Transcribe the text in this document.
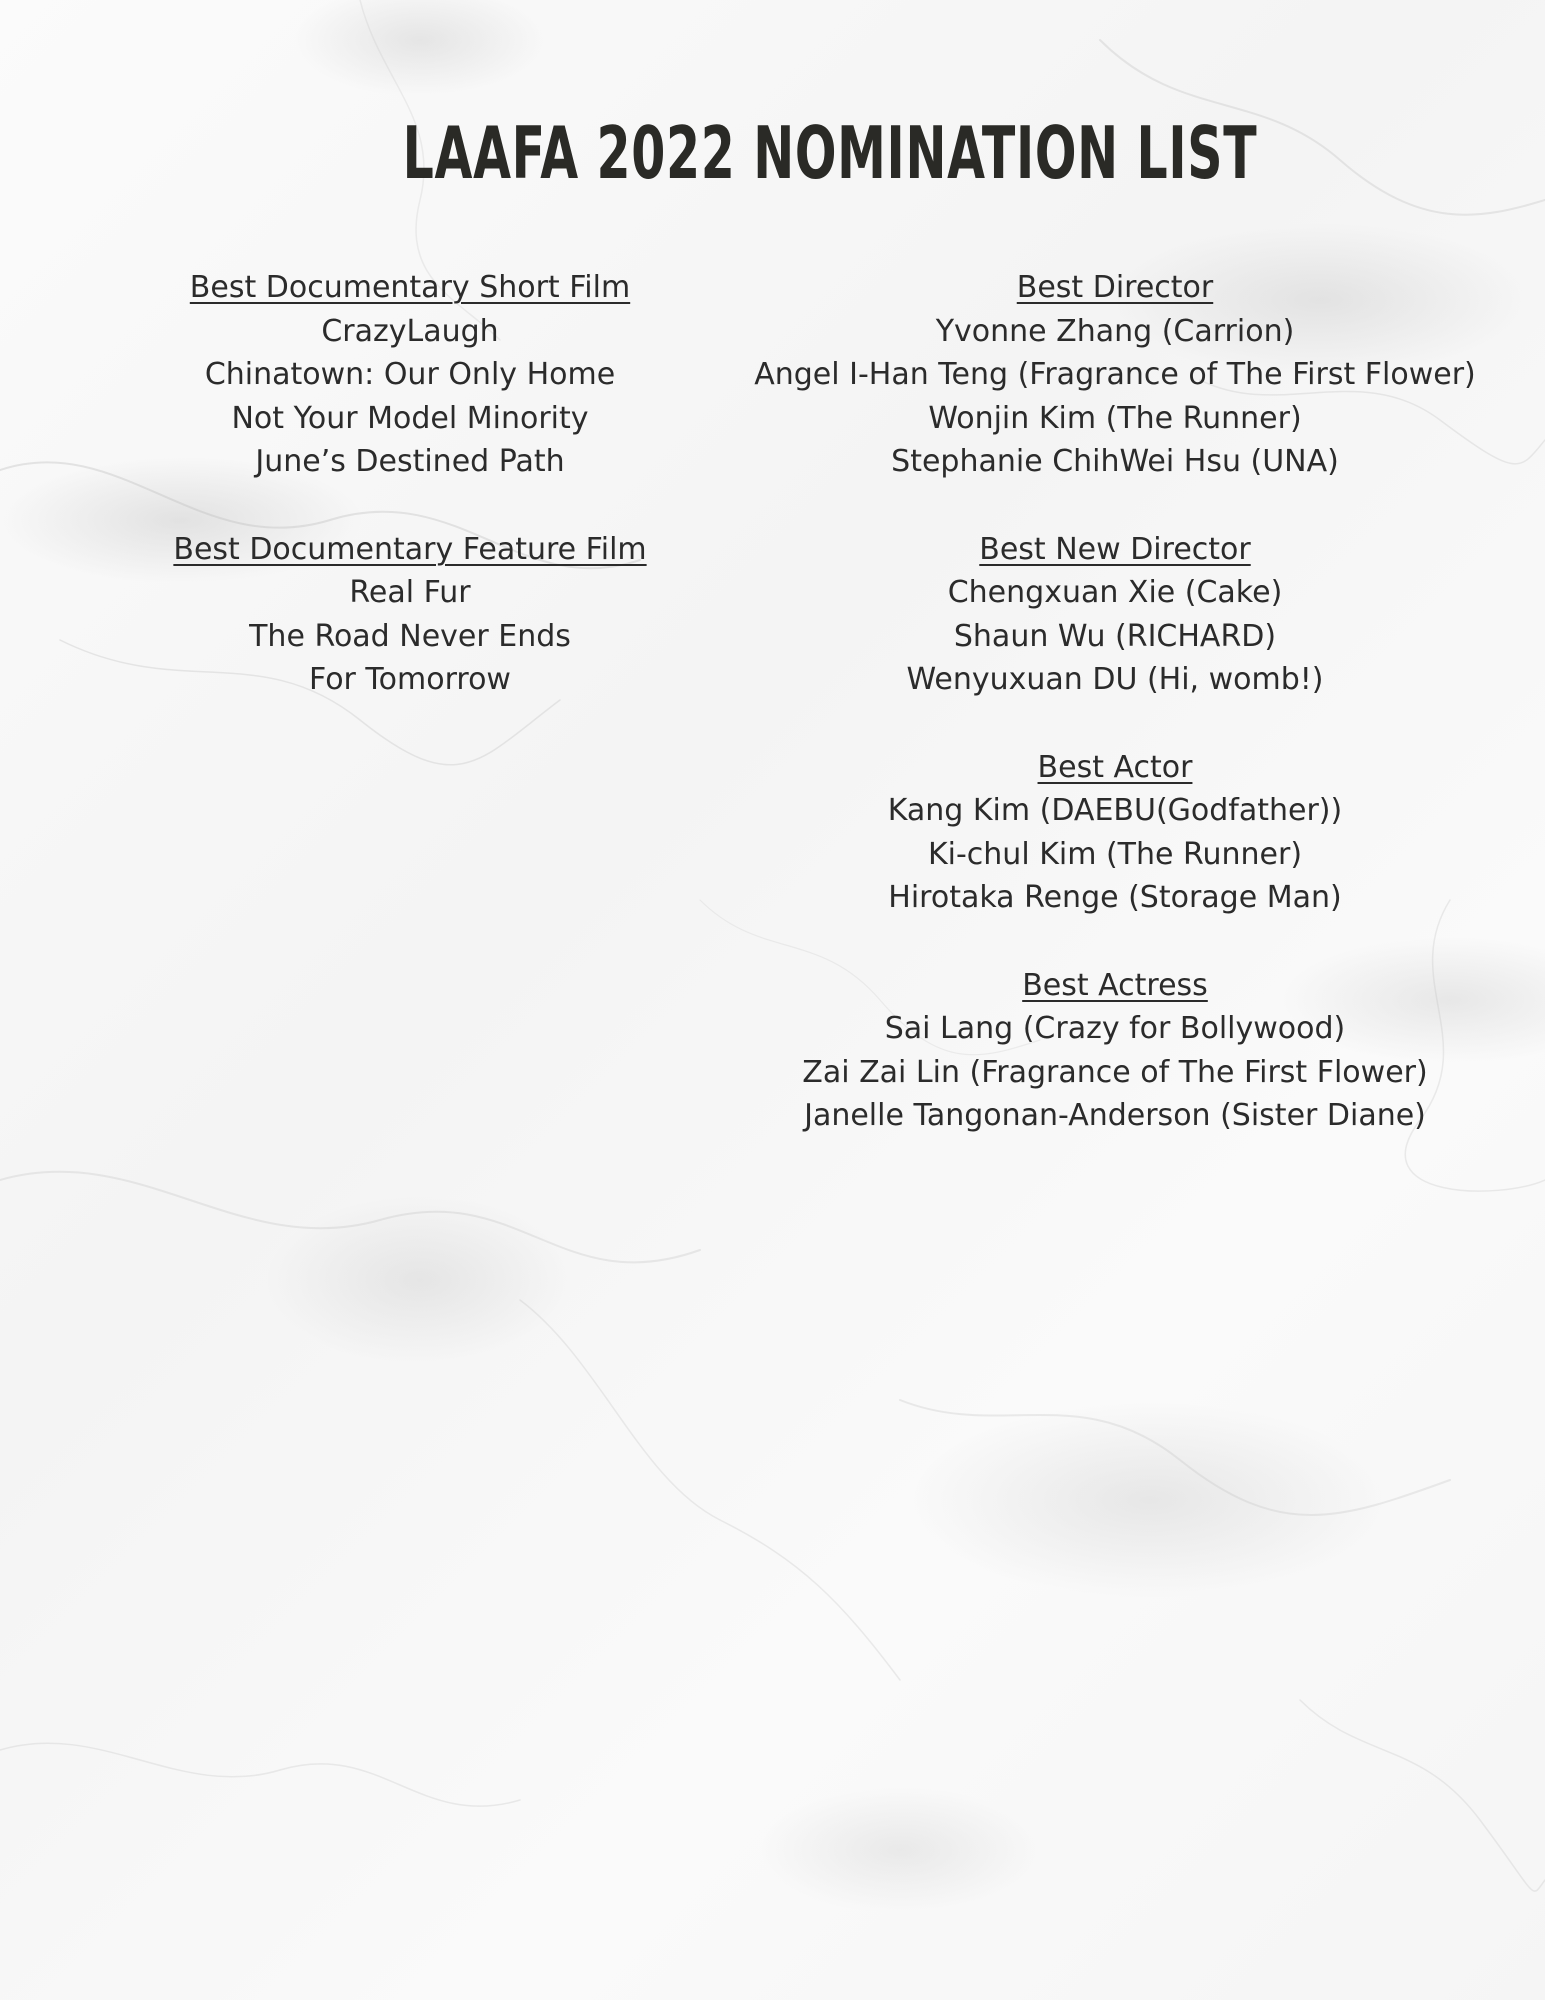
LAAFA 2022 NOMINATION LIST
Best Documentary Short Film
CrazyLaugh
Chinatown: Our Only Home
Not Your Model Minority
June’s Destined Path
Best Documentary Feature Film
Real Fur
The Road Never Ends
For Tomorrow
Best Director
Yvonne Zhang (Carrion)
Angel I-Han Teng (Fragrance of The First Flower)
Wonjin Kim (The Runner)
Stephanie ChihWei Hsu (UNA)
Best New Director
Chengxuan Xie (Cake)
Shaun Wu (RICHARD)
Wenyuxuan DU (Hi, womb!)
Best Actor
Kang Kim (DAEBU(Godfather))
Ki-chul Kim (The Runner)
Hirotaka Renge (Storage Man)
Best Actress
Sai Lang (Crazy for Bollywood)
Zai Zai Lin (Fragrance of The First Flower)
Janelle Tangonan-Anderson (Sister Diane)
